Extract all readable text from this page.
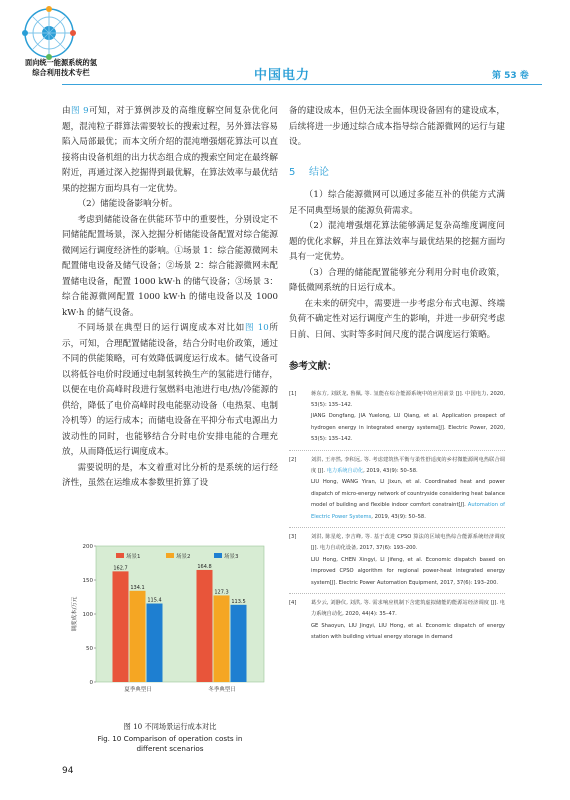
面向统一能源系统的氢
综合利用技术专栏	中国电力	第 53 卷

由图 9可知，对于算例涉及的高维度解空间复杂优化问题，混沌粒子群算法需要较长的搜索过程，另外算法容易陷入局部最优；而本文所介绍的混沌增强烟花算法可以直接将由设备机组的出力状态组合成的搜索空间定在最终解附近，再通过深入挖掘得到最优解，在算法效率与最优结果的挖掘方面均具有一定优势。

（2）储能设备影响分析。

考虑到储能设备在供能环节中的重要性，分别设定不同储能配置场景，深入挖掘分析储能设备配置对综合能源微网运行调度经济性的影响。①场景 1：综合能源微网未配置储电设备及储气设备；②场景 2：综合能源微网未配置储电设备，配置 1000 kW·h 的储气设备；③场景 3：综合能源微网配置 1000 kW·h 的储电设备以及 1000 kW·h 的储气设备。

不同场景在典型日的运行调度成本对比如图 10所示，可知，合理配置储能设备，结合分时电价政策，通过不同的供能策略，可有效降低调度运行成本。储气设备可以将低谷电价时段通过电制氢转换生产的氢能进行储存，以便在电价高峰时段进行氢燃料电池进行电/热/冷能源的供给，降低了电价高峰时段电能驱动设备（电热泵、电制冷机等）的运行成本；而储电设备在平抑分布式电源出力波动性的同时，也能够结合分时电价安排电能的合理充放，从而降低运行调度成本。

需要说明的是，本文着重对比分析的是系统的运行经济性，虽然在运维成本参数里折算了设

0
50
100
150
200
调度成本/万元
场景1	场景2	场景3
162.7
134.1
115.4
夏季典型日
164.8
127.3
113.5
冬季典型日
图 10 不同场景运行成本对比
Fig. 10 Comparison of operation costs in
different scenarios

备的建设成本，但仍无法全面体现设备固有的建设成本，后续将进一步通过综合成本指导综合能源微网的运行与建设。

5 结论

（1）综合能源微网可以通过多能互补的供能方式满足不同典型场景的能源负荷需求。

（2）混沌增强烟花算法能够满足复杂高维度调度问题的优化求解，并且在算法效率与最优结果的挖掘方面均具有一定优势。

（3）合理的储能配置能够充分利用分时电价政策，降低微网系统的日运行成本。

在未来的研究中，需要进一步考虑分布式电源、终端负荷不确定性对运行调度产生的影响，并进一步研究考虑日前、日间、实时等多时间尺度的混合调度运行策略。

参考文献：
[1]	蒋东方, 刘跃龙, 鲁佩, 等. 氢能在综合能源系统中的应用前景 [J]. 中国电力, 2020, 53(5): 135–142.
JIANG Dongfang, JIA Yuelong, LU Qiang, et al. Application prospect of hydrogen energy in integrated energy systems[J]. Electric Power, 2020, 53(5): 135–142.
[2]	刘洪, 王亦然, 李积远, 等. 考虑建筑热平衡与柔性舒适度的乡村微能源网电热联合调度 [J]. 电力系统自动化, 2019, 43(9): 50–58.
LIU Hong, WANG Yiran, LI Jixun, et al. Coordinated heat and power dispatch of micro-energy network of countryside considering heat balance model of building and flexible indoor comfort constraint[J]. Automation of Electric Power Systems, 2019, 43(9): 50–58.
[3]	刘洪, 陈星屹, 李吉峰, 等. 基于改进 CPSO 算法的区域电热综合能源系统经济调度 [J]. 电力自动化设备, 2017, 37(6): 193–200.
LIU Hong, CHEN Xingyi, LI Jifeng, et al. Economic dispatch based on improved CPSO algorithm for regional power-heat integrated energy system[J]. Electric Power Automation Equipment, 2017, 37(6): 193–200.
[4]	葛少云, 刘静仪, 刘洪, 等. 需求响应机制下含建筑虚拟储能的能源站经济调度 [J]. 电力系统自动化, 2020, 44(4): 35–47.
GE Shaoyun, LIU Jingyi, LIU Hong, et al. Economic dispatch of energy station with building virtual energy storage in demand
94
